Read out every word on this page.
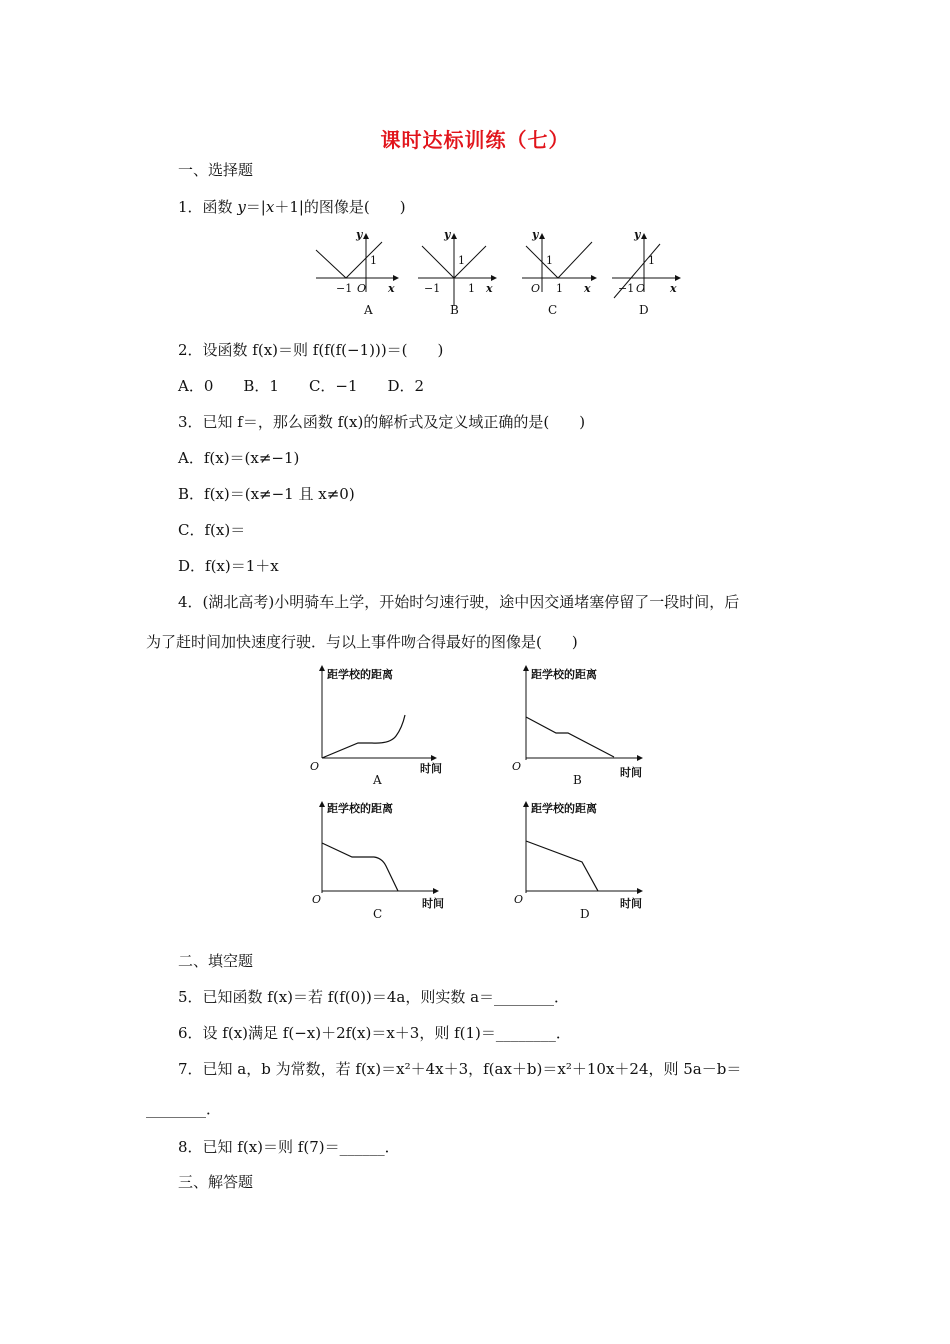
课时达标训练（七）
一、选择题
1．函数 y＝|x＋1|的图像是(　　)
y
x
1
−1 O
A
y
x
1
−1	1
B
y
x
1
O 1
C
y
x
1
−1 O
D
2．设函数 f(x)＝则 f(f(f(−1)))＝(　　)
A．0　　B．1　　C．−1　　D．2
3．已知 f＝，那么函数 f(x)的解析式及定义域正确的是(　　)
A．f(x)＝(x≠−1)
B．f(x)＝(x≠−1 且 x≠0)
C．f(x)＝
D．f(x)＝1＋x
4．(湖北高考)小明骑车上学，开始时匀速行驶，途中因交通堵塞停留了一段时间，后
为了赶时间加快速度行驶．与以上事件吻合得最好的图像是(　　)
距学校的距离
时间
O
A
距学校的距离
时间
O
B
距学校的距离
时间
O
C
距学校的距离
时间
O
D
二、填空题
5．已知函数 f(x)＝若 f(f(0))＝4a，则实数 a＝________．
6．设 f(x)满足 f(−x)＋2f(x)＝x＋3，则 f(1)＝________．
7．已知 a，b 为常数，若 f(x)＝x²＋4x＋3，f(ax＋b)＝x²＋10x＋24，则 5a－b＝
________．
8．已知 f(x)＝则 f(7)＝______．
三、解答题
